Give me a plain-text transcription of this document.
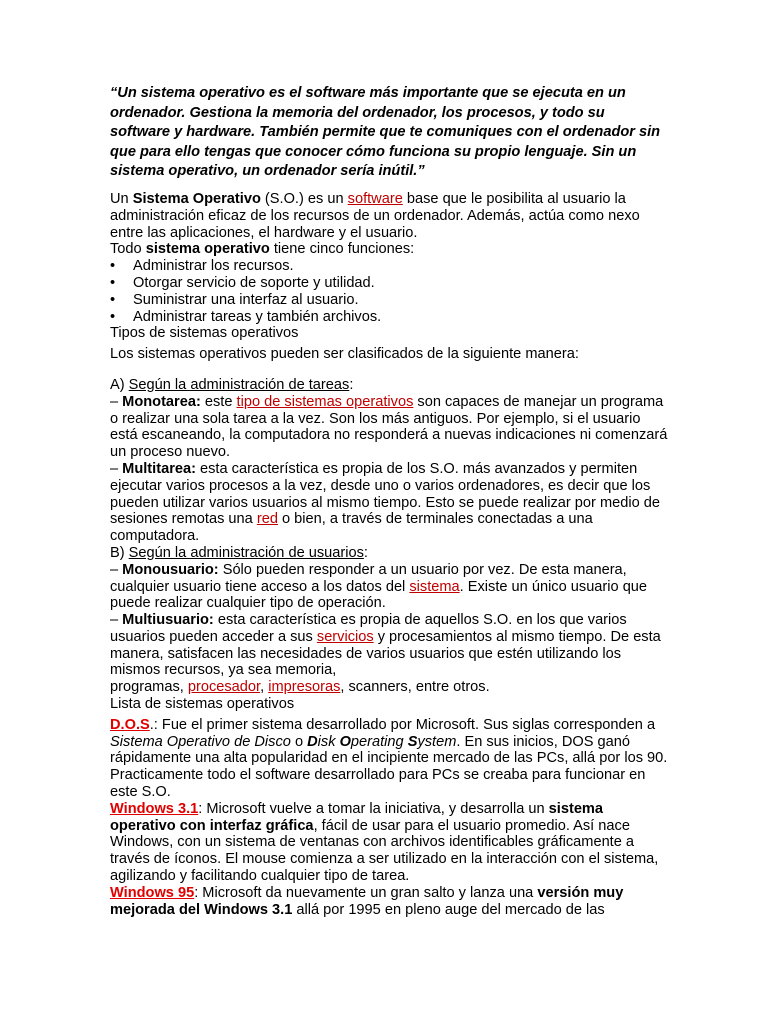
“Un sistema operativo es el software más importante que se ejecuta en un ordenador. Gestiona la memoria del ordenador, los procesos, y todo su software y hardware. También permite que te comuniques con el ordenador sin que para ello tengas que conocer cómo funciona su propio lenguaje. Sin un sistema operativo, un ordenador sería inútil.”

Un Sistema Operativo (S.O.) es un software base que le posibilita al usuario la administración eficaz de los recursos de un ordenador. Además, actúa como nexo entre las aplicaciones, el hardware y el usuario.

Todo sistema operativo tiene cinco funciones:

• Administrar los recursos.
• Otorgar servicio de soporte y utilidad.
• Suministrar una interfaz al usuario.
• Administrar tareas y también archivos.

Tipos de sistemas operativos

Los sistemas operativos pueden ser clasificados de la siguiente manera:

A) Según la administración de tareas:

– Monotarea: este tipo de sistemas operativos son capaces de manejar un programa o realizar una sola tarea a la vez. Son los más antiguos. Por ejemplo, si el usuario está escaneando, la computadora no responderá a nuevas indicaciones ni comenzará un proceso nuevo.

– Multitarea: esta característica es propia de los S.O. más avanzados y permiten ejecutar varios procesos a la vez, desde uno o varios ordenadores, es decir que los pueden utilizar varios usuarios al mismo tiempo. Esto se puede realizar por medio de sesiones remotas una red o bien, a través de terminales conectadas a una computadora.

B) Según la administración de usuarios:

– Monousuario: Sólo pueden responder a un usuario por vez. De esta manera, cualquier usuario tiene acceso a los datos del sistema. Existe un único usuario que puede realizar cualquier tipo de operación.

– Multiusuario: esta característica es propia de aquellos S.O. en los que varios usuarios pueden acceder a sus servicios y procesamientos al mismo tiempo. De esta manera, satisfacen las necesidades de varios usuarios que estén utilizando los mismos recursos, ya sea memoria,

programas, procesador, impresoras, scanners, entre otros.

Lista de sistemas operativos

D.O.S.: Fue el primer sistema desarrollado por Microsoft. Sus siglas corresponden a Sistema Operativo de Disco o Disk Operating System. En sus inicios, DOS ganó rápidamente una alta popularidad en el incipiente mercado de las PCs, allá por los 90. Practicamente todo el software desarrollado para PCs se creaba para funcionar en este S.O.

Windows 3.1: Microsoft vuelve a tomar la iniciativa, y desarrolla un sistema operativo con interfaz gráfica, fácil de usar para el usuario promedio. Así nace Windows, con un sistema de ventanas con archivos identificables gráficamente a través de íconos. El mouse comienza a ser utilizado en la interacción con el sistema, agilizando y facilitando cualquier tipo de tarea.

Windows 95: Microsoft da nuevamente un gran salto y lanza una versión muy mejorada del Windows 3.1 allá por 1995 en pleno auge del mercado de las
